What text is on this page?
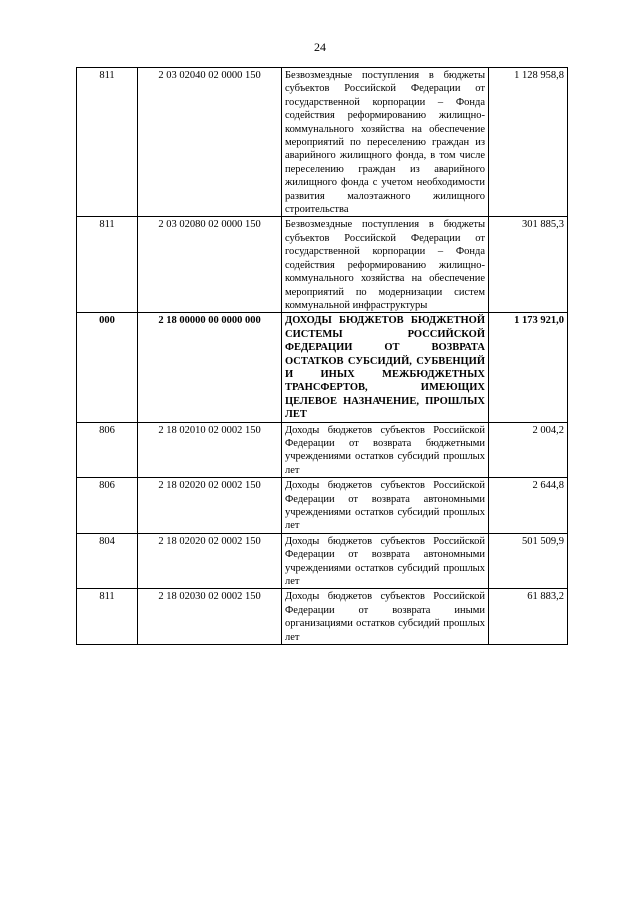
24
811	2 03 02040 02 0000 150	Безвозмездные поступления в бюджеты субъектов Российской Федерации от государственной корпорации – Фонда содействия реформированию жилищно-коммунального хозяйства на обеспечение мероприятий по переселению граждан из аварийного жилищного фонда, в том числе переселению граждан из аварийного жилищного фонда с учетом необходимости развития малоэтажного жилищного строительства	1 128 958,8
811	2 03 02080 02 0000 150	Безвозмездные поступления в бюджеты субъектов Российской Федерации от государственной корпорации – Фонда содействия реформированию жилищно-коммунального хозяйства на обеспечение мероприятий по модернизации систем коммунальной инфраструктуры	301 885,3
000	2 18 00000 00 0000 000	ДОХОДЫ БЮДЖЕТОВ БЮДЖЕТНОЙ СИСТЕМЫ РОССИЙСКОЙ ФЕДЕРАЦИИ ОТ ВОЗВРАТА ОСТАТКОВ СУБСИДИЙ, СУБВЕНЦИЙ И ИНЫХ МЕЖБЮДЖЕТНЫХ ТРАНСФЕРТОВ, ИМЕЮЩИХ ЦЕЛЕВОЕ НАЗНАЧЕНИЕ, ПРОШЛЫХ ЛЕТ	1 173 921,0
806	2 18 02010 02 0002 150	Доходы бюджетов субъектов Российской Федерации от возврата бюджетными учреждениями остатков субсидий прошлых лет	2 004,2
806	2 18 02020 02 0002 150	Доходы бюджетов субъектов Российской Федерации от возврата автономными учреждениями остатков субсидий прошлых лет	2 644,8
804	2 18 02020 02 0002 150	Доходы бюджетов субъектов Российской Федерации от возврата автономными учреждениями остатков субсидий прошлых лет	501 509,9
811	2 18 02030 02 0002 150	Доходы бюджетов субъектов Российской Федерации от возврата иными организациями остатков субсидий прошлых лет	61 883,2
